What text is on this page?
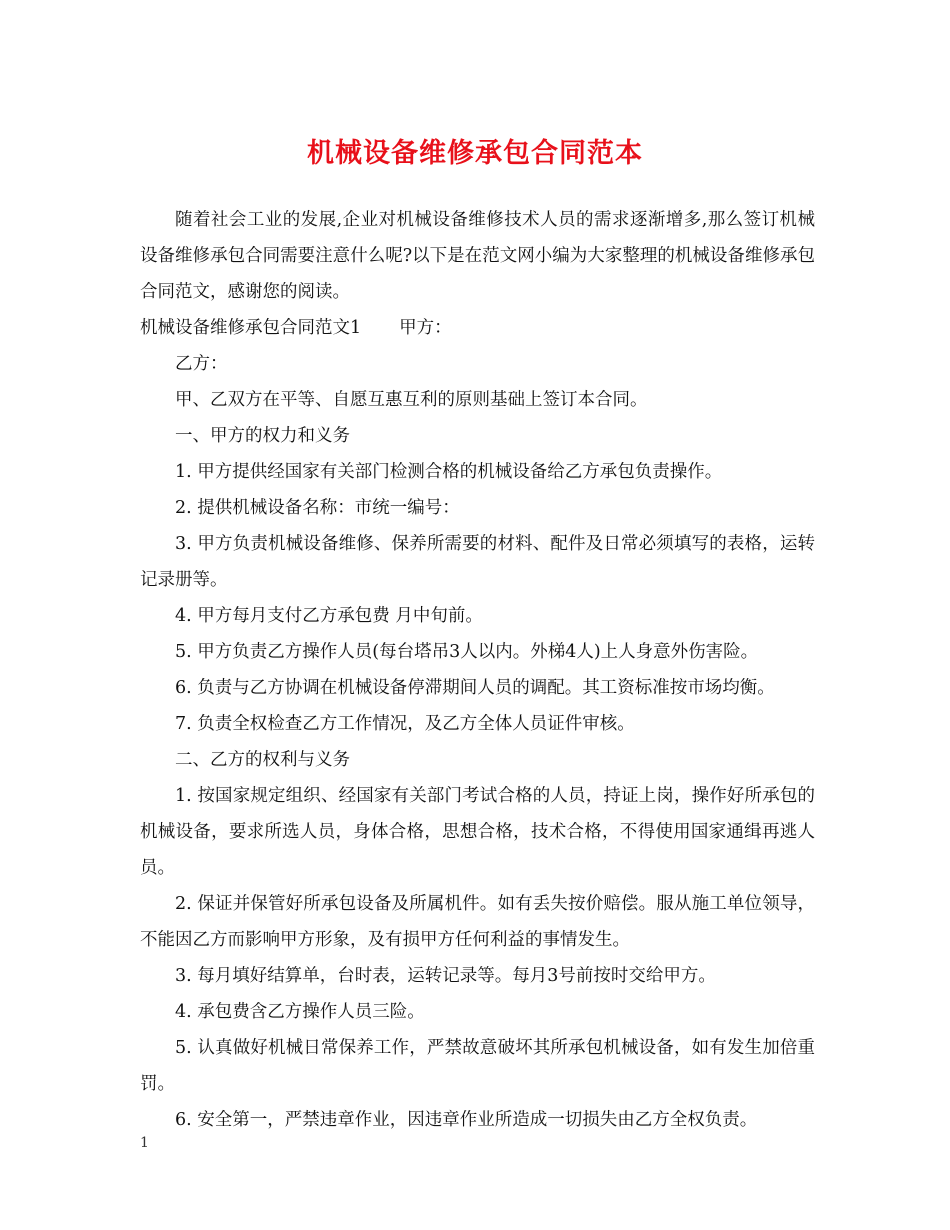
机械设备维修承包合同范本

随着社会工业的发展,企业对机械设备维修技术人员的需求逐渐增多,那么签订机械设备维修承包合同需要注意什么呢?以下是在范文网小编为大家整理的机械设备维修承包合同范文，感谢您的阅读。

机械设备维修承包合同范文1 甲方：

乙方：

甲、乙双方在平等、自愿互惠互利的原则基础上签订本合同。

一、甲方的权力和义务

1. 甲方提供经国家有关部门检测合格的机械设备给乙方承包负责操作。

2. 提供机械设备名称：市统一编号：

3. 甲方负责机械设备维修、保养所需要的材料、配件及日常必须填写的表格，运转记录册等。

4. 甲方每月支付乙方承包费 月中旬前。

5. 甲方负责乙方操作人员(每台塔吊3人以内。外梯4人)上人身意外伤害险。

6. 负责与乙方协调在机械设备停滞期间人员的调配。其工资标准按市场均衡。

7. 负责全权检查乙方工作情况，及乙方全体人员证件审核。

二、乙方的权利与义务

1. 按国家规定组织、经国家有关部门考试合格的人员，持证上岗，操作好所承包的机械设备，要求所选人员，身体合格，思想合格，技术合格，不得使用国家通缉再逃人员。

2. 保证并保管好所承包设备及所属机件。如有丢失按价赔偿。服从施工单位领导，不能因乙方而影响甲方形象，及有损甲方任何利益的事情发生。

3. 每月填好结算单，台时表，运转记录等。每月3号前按时交给甲方。

4. 承包费含乙方操作人员三险。

5. 认真做好机械日常保养工作，严禁故意破坏其所承包机械设备，如有发生加倍重罚。

6. 安全第一，严禁违章作业，因违章作业所造成一切损失由乙方全权负责。

1
